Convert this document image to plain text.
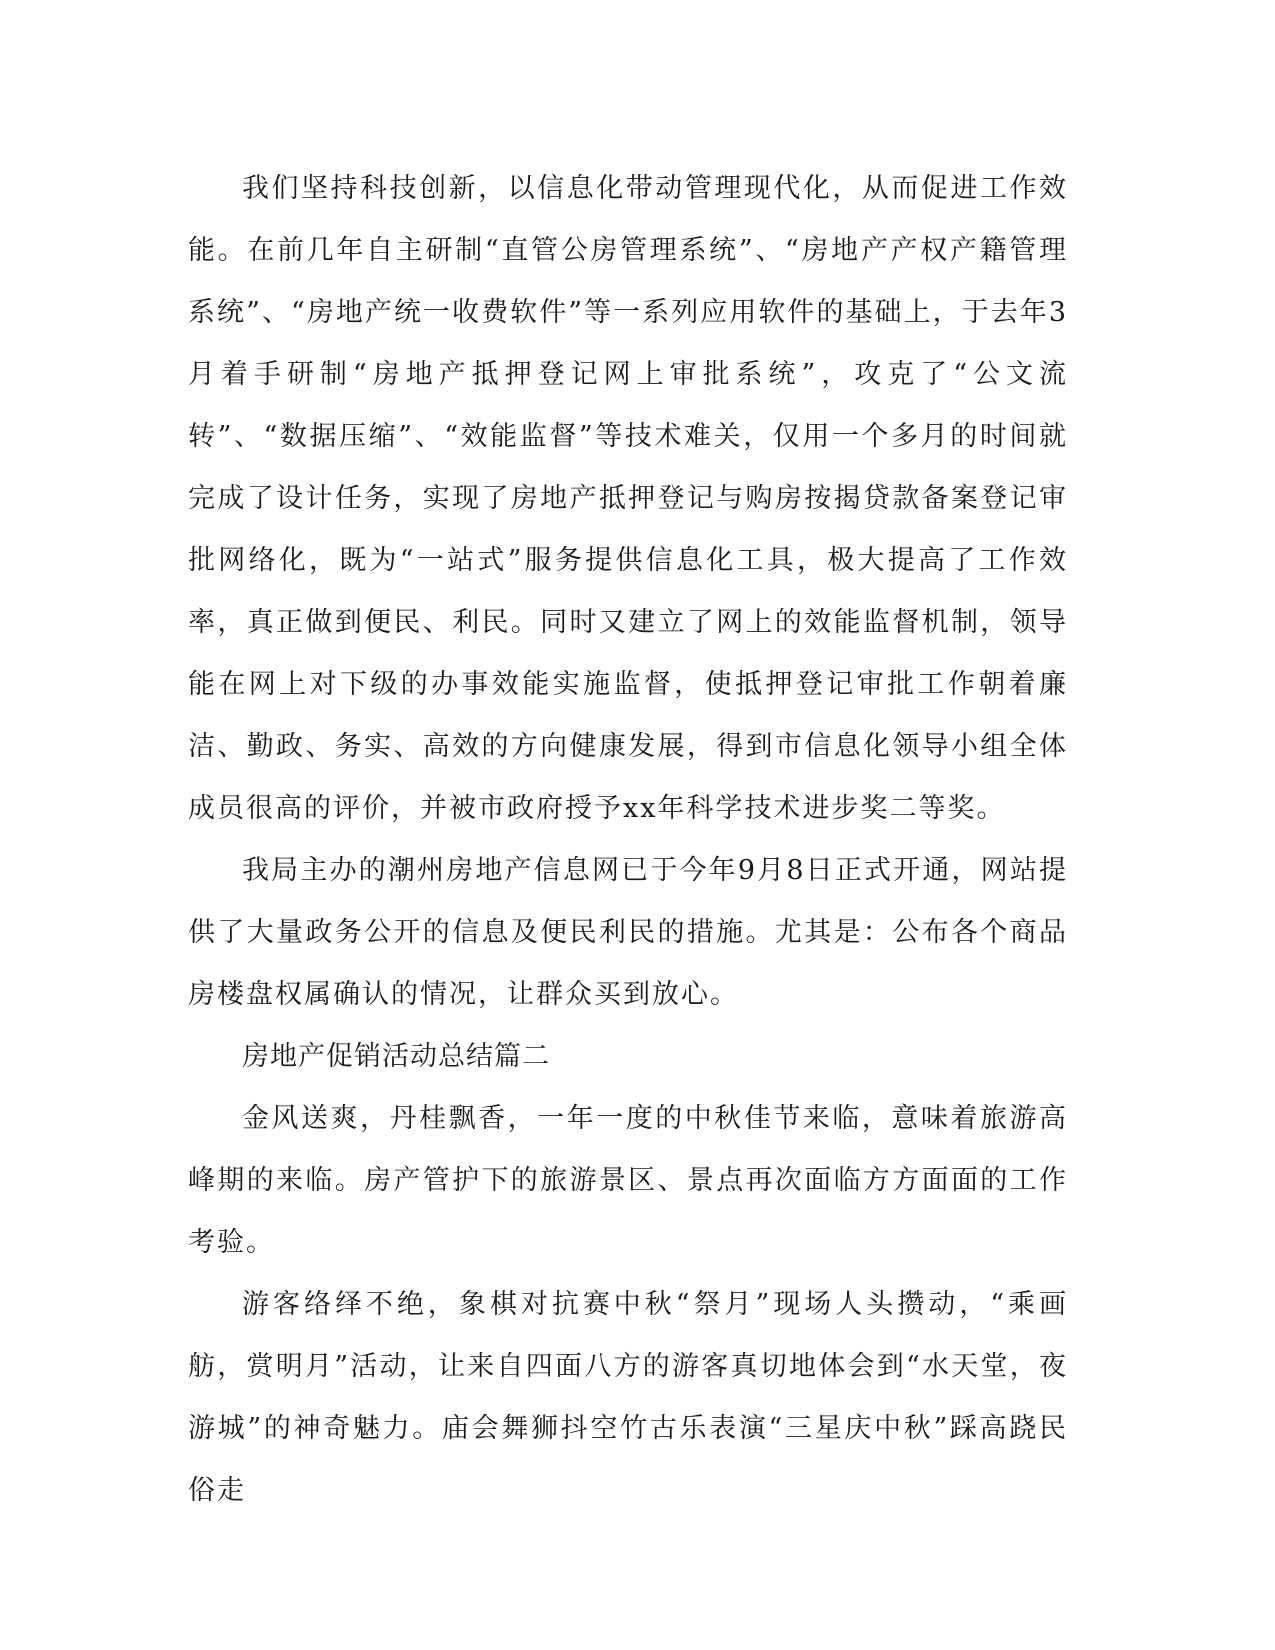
我们坚持科技创新，以信息化带动管理现代化，从而促进工作效能。在前几年自主研制“直管公房管理系统”、“房地产产权产籍管理系统”、“房地产统一收费软件”等一系列应用软件的基础上，于去年3月着手研制“房地产抵押登记网上审批系统”，攻克了“公文流转”、“数据压缩”、“效能监督”等技术难关，仅用一个多月的时间就完成了设计任务，实现了房地产抵押登记与购房按揭贷款备案登记审批网络化，既为“一站式”服务提供信息化工具，极大提高了工作效率，真正做到便民、利民。同时又建立了网上的效能监督机制，领导能在网上对下级的办事效能实施监督，使抵押登记审批工作朝着廉洁、勤政、务实、高效的方向健康发展，得到市信息化领导小组全体成员很高的评价，并被市政府授予xx年科学技术进步奖二等奖。

我局主办的潮州房地产信息网已于今年9月8日正式开通，网站提供了大量政务公开的信息及便民利民的措施。尤其是：公布各个商品房楼盘权属确认的情况，让群众买到放心。

房地产促销活动总结篇二

金风送爽，丹桂飘香，一年一度的中秋佳节来临，意味着旅游高峰期的来临。房产管护下的旅游景区、景点再次面临方方面面的工作考验。

游客络绎不绝，象棋对抗赛中秋“祭月”现场人头攒动，“乘画舫，赏明月”活动，让来自四面八方的游客真切地体会到“水天堂，夜游城”的神奇魅力。庙会舞狮抖空竹古乐表演“三星庆中秋”踩高跷民俗走
